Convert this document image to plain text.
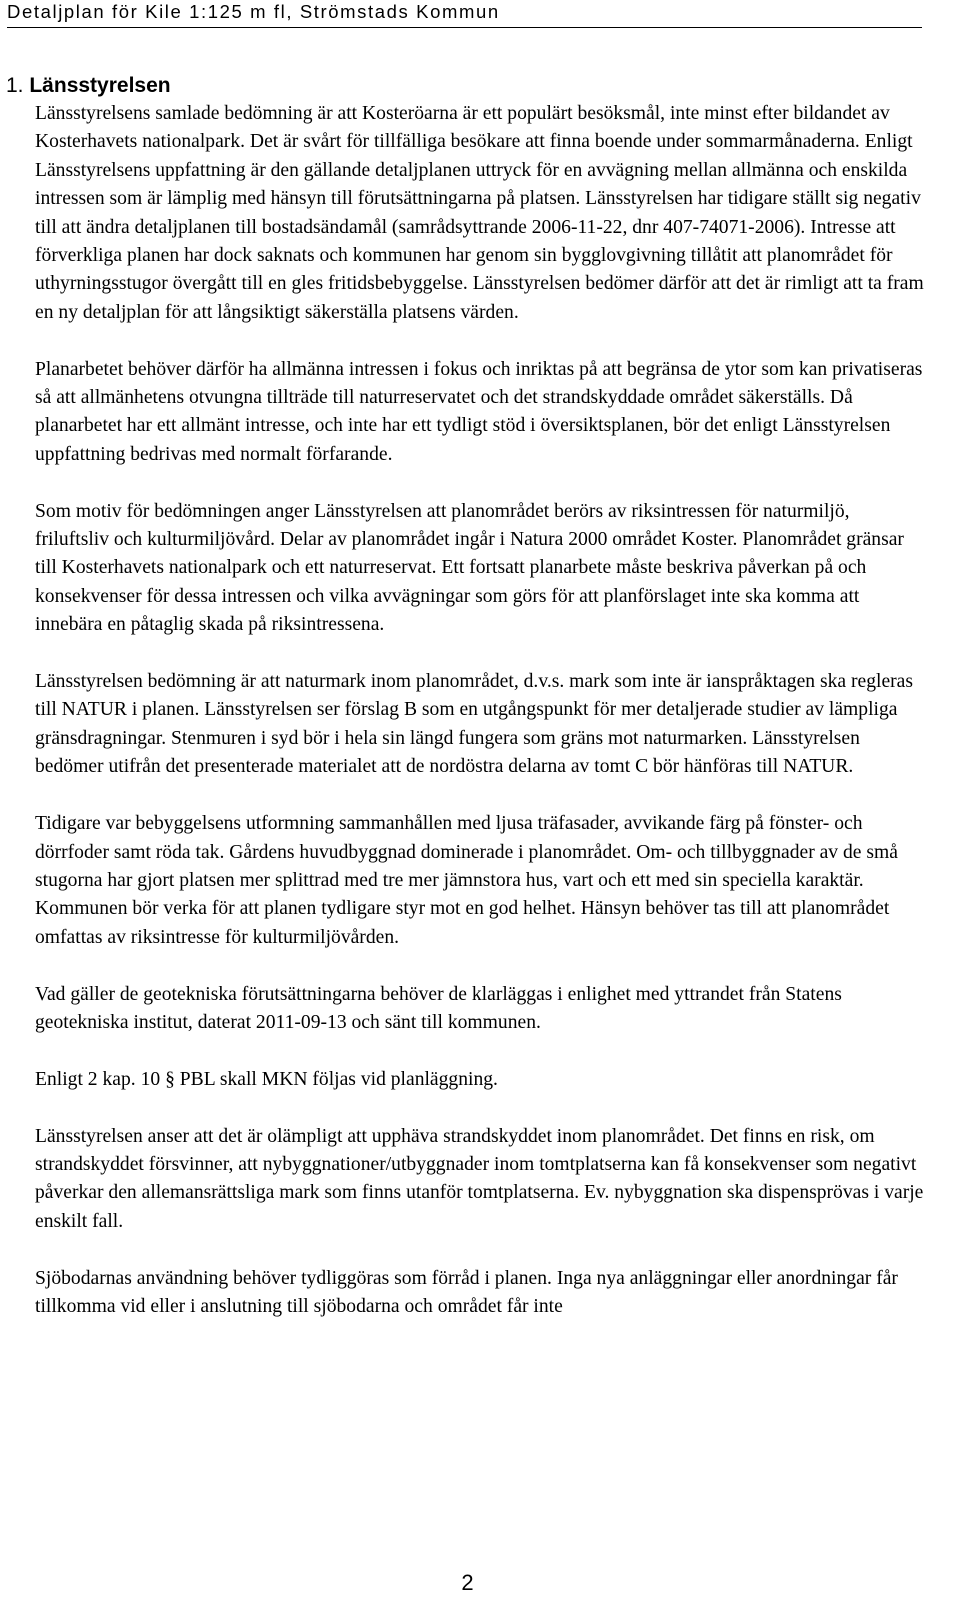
Detaljplan för Kile 1:125 m fl, Strömstads Kommun
1. Länsstyrelsen

Länsstyrelsens samlade bedömning är att Kosteröarna är ett populärt besöksmål, inte minst efter bildandet av Kosterhavets nationalpark. Det är svårt för tillfälliga besökare att finna boende under sommarmånaderna. Enligt Länsstyrelsens uppfattning är den gällande detaljplanen uttryck för en avvägning mellan allmänna och enskilda intressen som är lämplig med hänsyn till förutsättningarna på platsen. Länsstyrelsen har tidigare ställt sig negativ till att ändra detaljplanen till bostadsändamål (samrådsyttrande 2006-11-22, dnr 407-74071-2006). Intresse att förverkliga planen har dock saknats och kommunen har genom sin bygglovgivning tillåtit att planområdet för uthyrningsstugor övergått till en gles fritidsbebyggelse. Länsstyrelsen bedömer därför att det är rimligt att ta fram en ny detaljplan för att långsiktigt säkerställa platsens värden.

Planarbetet behöver därför ha allmänna intressen i fokus och inriktas på att begränsa de ytor som kan privatiseras så att allmänhetens otvungna tillträde till naturreservatet och det strandskyddade området säkerställs. Då planarbetet har ett allmänt intresse, och inte har ett tydligt stöd i översiktsplanen, bör det enligt Länsstyrelsen uppfattning bedrivas med normalt förfarande.

Som motiv för bedömningen anger Länsstyrelsen att planområdet berörs av riksintressen för naturmiljö, friluftsliv och kulturmiljövård. Delar av planområdet ingår i Natura 2000 området Koster. Planområdet gränsar till Kosterhavets nationalpark och ett naturreservat. Ett fortsatt planarbete måste beskriva påverkan på och konsekvenser för dessa intressen och vilka avvägningar som görs för att planförslaget inte ska komma att innebära en påtaglig skada på riksintressena.

Länsstyrelsen bedömning är att naturmark inom planområdet, d.v.s. mark som inte är ianspråktagen ska regleras till NATUR i planen. Länsstyrelsen ser förslag B som en utgångspunkt för mer detaljerade studier av lämpliga gränsdragningar. Stenmuren i syd bör i hela sin längd fungera som gräns mot naturmarken. Länsstyrelsen bedömer utifrån det presenterade materialet att de nordöstra delarna av tomt C bör hänföras till NATUR.

Tidigare var bebyggelsens utformning sammanhållen med ljusa träfasader, avvikande färg på fönster- och dörrfoder samt röda tak. Gårdens huvudbyggnad dominerade i planområdet. Om- och tillbyggnader av de små stugorna har gjort platsen mer splittrad med tre mer jämnstora hus, vart och ett med sin speciella karaktär. Kommunen bör verka för att planen tydligare styr mot en god helhet. Hänsyn behöver tas till att planområdet omfattas av riksintresse för kulturmiljövården.

Vad gäller de geotekniska förutsättningarna behöver de klarläggas i enlighet med yttrandet från Statens geotekniska institut, daterat 2011-09-13 och sänt till kommunen.

Enligt 2 kap. 10 § PBL skall MKN följas vid planläggning.

Länsstyrelsen anser att det är olämpligt att upphäva strandskyddet inom planområdet. Det finns en risk, om strandskyddet försvinner, att nybyggnationer/utbyggnader inom tomtplatserna kan få konsekvenser som negativt påverkar den allemansrättsliga mark som finns utanför tomtplatserna. Ev. nybyggnation ska dispensprövas i varje enskilt fall.

Sjöbodarnas användning behöver tydliggöras som förråd i planen. Inga nya anläggningar eller anordningar får tillkomma vid eller i anslutning till sjöbodarna och området får inte

2
